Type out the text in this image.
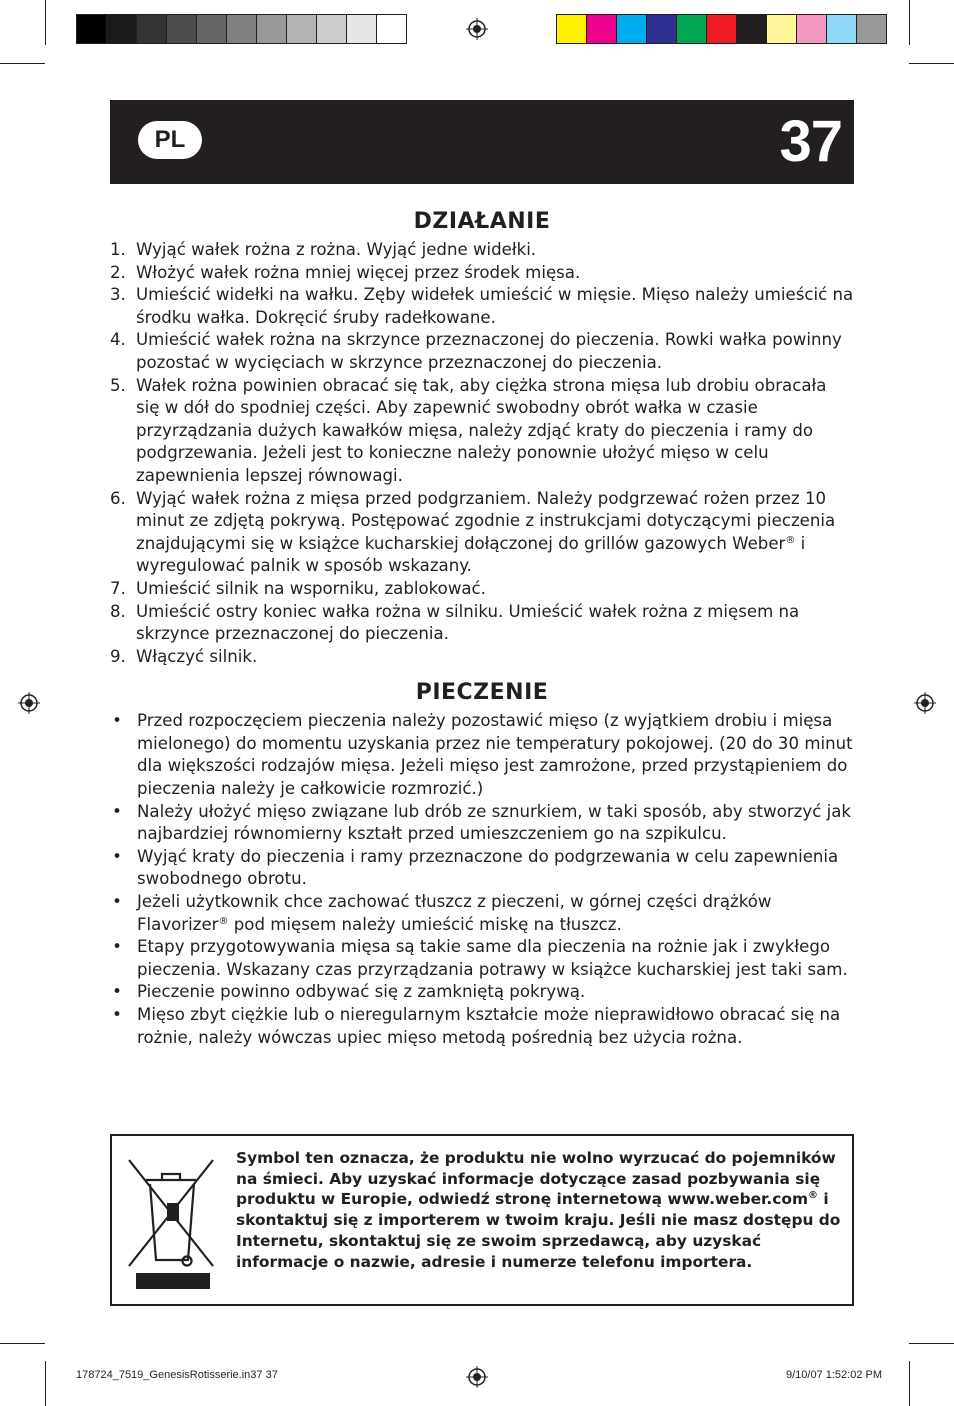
PL	37
DZIAŁANIE
1. Wyjąć wałek rożna z rożna. Wyjąć jedne widełki.
2. Włożyć wałek rożna mniej więcej przez środek mięsa.
3. Umieścić widełki na wałku. Zęby widełek umieścić w mięsie. Mięso należy umieścić na środku wałka. Dokręcić śruby radełkowane.
4. Umieścić wałek rożna na skrzynce przeznaczonej do pieczenia. Rowki wałka powinny pozostać w wycięciach w skrzynce przeznaczonej do pieczenia.
5. Wałek rożna powinien obracać się tak, aby ciężka strona mięsa lub drobiu obracała się w dół do spodniej części. Aby zapewnić swobodny obrót wałka w czasie przyrządzania dużych kawałków mięsa, należy zdjąć kraty do pieczenia i ramy do podgrzewania. Jeżeli jest to konieczne należy ponownie ułożyć mięso w celu zapewnienia lepszej równowagi.
6. Wyjąć wałek rożna z mięsa przed podgrzaniem. Należy podgrzewać rożen przez 10 minut ze zdjętą pokrywą. Postępować zgodnie z instrukcjami dotyczącymi pieczenia znajdującymi się w książce kucharskiej dołączonej do grillów gazowych Weber® i wyregulować palnik w sposób wskazany.
7. Umieścić silnik na wsporniku, zablokować.
8. Umieścić ostry koniec wałka rożna w silniku. Umieścić wałek rożna z mięsem na skrzynce przeznaczonej do pieczenia.
9. Włączyć silnik.
PIECZENIE
• Przed rozpoczęciem pieczenia należy pozostawić mięso (z wyjątkiem drobiu i mięsa mielonego) do momentu uzyskania przez nie temperatury pokojowej. (20 do 30 minut dla większości rodzajów mięsa. Jeżeli mięso jest zamrożone, przed przystąpieniem do pieczenia należy je całkowicie rozmrozić.)
• Należy ułożyć mięso związane lub drób ze sznurkiem, w taki sposób, aby stworzyć jak najbardziej równomierny kształt przed umieszczeniem go na szpikulcu.
• Wyjąć kraty do pieczenia i ramy przeznaczone do podgrzewania w celu zapewnienia swobodnego obrotu.
• Jeżeli użytkownik chce zachować tłuszcz z pieczeni, w górnej części drążków Flavorizer® pod mięsem należy umieścić miskę na tłuszcz.
• Etapy przygotowywania mięsa są takie same dla pieczenia na rożnie jak i zwykłego pieczenia. Wskazany czas przyrządzania potrawy w książce kucharskiej jest taki sam.
• Pieczenie powinno odbywać się z zamkniętą pokrywą.
• Mięso zbyt ciężkie lub o nieregularnym kształcie może nieprawidłowo obracać się na rożnie, należy wówczas upiec mięso metodą pośrednią bez użycia rożna.
Symbol ten oznacza, że produktu nie wolno wyrzucać do pojemników na śmieci. Aby uzyskać informacje dotyczące zasad pozbywania się produktu w Europie, odwiedź stronę internetową www.weber.com® i skontaktuj się z importerem w twoim kraju. Jeśli nie masz dostępu do Internetu, skontaktuj się ze swoim sprzedawcą, aby uzyskać informacje o nazwie, adresie i numerze telefonu importera.
178724_7519_GenesisRotisserie.in37 37	9/10/07 1:52:02 PM
